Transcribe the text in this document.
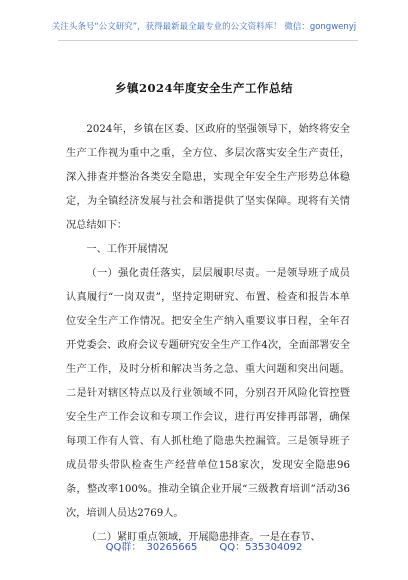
关注头条号“公文研究”，获得最新最全最专业的公文资料库！ 微信：gongwenyj
乡镇2024年度安全生产工作总结

2024年，乡镇在区委、区政府的坚强领导下，始终将安全生产工作视为重中之重，全方位、多层次落实安全生产责任，深入排查并整治各类安全隐患，实现全年安全生产形势总体稳定，为全镇经济发展与社会和谐提供了坚实保障。现将有关情况总结如下：

一、工作开展情况

（一）强化责任落实，层层履职尽责。一是领导班子成员认真履行“一岗双责”，坚持定期研究、布置、检查和报告本单位安全生产工作情况。把安全生产纳入重要议事日程，全年召开党委会、政府会议专题研究安全生产工作4次，全面部署安全生产工作，及时分析和解决当务之急、重大问题和突出问题。二是针对辖区特点以及行业领域不同，分别召开风险化管控暨安全生产工作会议和专项工作会议，进行再安排再部署，确保每项工作有人管、有人抓杜绝了隐患失控漏管。三是领导班子成员带头带队检查生产经营单位158家次，发现安全隐患96条，整改率100%。推动全镇企业开展“三级教育培训”活动36次，培训人员达2769人。

（二）紧盯重点领域，开展隐患排查。一是在春节、

QQ群： 30265665 QQ：535304092
